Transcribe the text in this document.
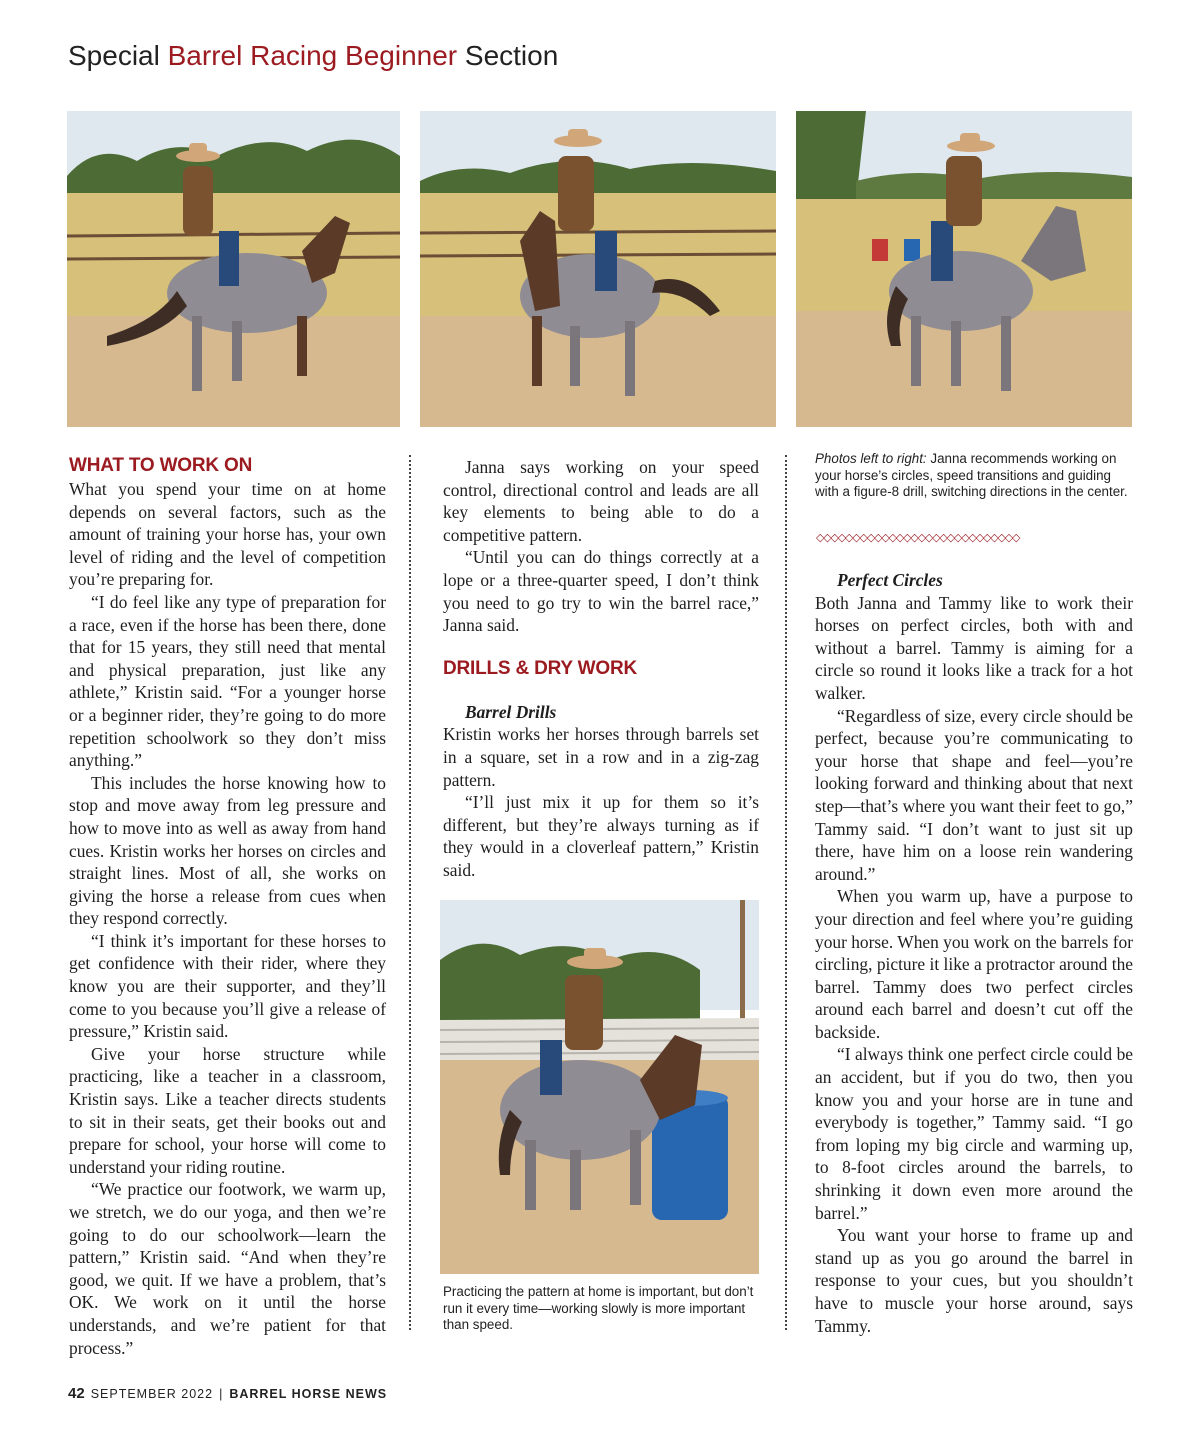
Special Barrel Racing Beginner Section
WHAT TO WORK ON

What you spend your time on at home depends on several factors, such as the amount of training your horse has, your own level of riding and the level of competition you’re preparing for.

“I do feel like any type of preparation for a race, even if the horse has been there, done that for 15 years, they still need that mental and physical preparation, just like any athlete,” Kristin said. “For a younger horse or a beginner rider, they’re going to do more repetition schoolwork so they don’t miss anything.”

This includes the horse knowing how to stop and move away from leg pressure and how to move into as well as away from hand cues. Kristin works her horses on circles and straight lines. Most of all, she works on giving the horse a release from cues when they respond correctly.

“I think it’s important for these horses to get confidence with their rider, where they know you are their supporter, and they’ll come to you because you’ll give a release of pressure,” Kristin said.

Give your horse structure while practicing, like a teacher in a classroom, Kristin says. Like a teacher directs students to sit in their seats, get their books out and prepare for school, your horse will come to understand your riding routine.

“We practice our footwork, we warm up, we stretch, we do our yoga, and then we’re going to do our schoolwork—learn the pattern,” Kristin said. “And when they’re good, we quit. If we have a problem, that’s OK. We work on it until the horse understands, and we’re patient for that process.”

Janna says working on your speed control, directional control and leads are all key elements to being able to do a competitive pattern.

“Until you can do things correctly at a lope or a three-quarter speed, I don’t think you need to go try to win the barrel race,” Janna said.

DRILLS & DRY WORK

Barrel Drills

Kristin works her horses through barrels set in a square, set in a row and in a zig-zag pattern.

“I’ll just mix it up for them so it’s different, but they’re always turning as if they would in a cloverleaf pattern,” Kristin said.

Practicing the pattern at home is important, but don’t run it every time—working slowly is more important than speed.
Photos left to right: Janna recommends working on your horse’s circles, speed transitions and guiding with a figure-8 drill, switching directions in the center.
◇◇◇◇◇◇◇◇◇◇◇◇◇◇◇◇◇◇◇◇◇◇◇◇◇◇◇◇

Perfect Circles

Both Janna and Tammy like to work their horses on perfect circles, both with and without a barrel. Tammy is aiming for a circle so round it looks like a track for a hot walker.

“Regardless of size, every circle should be perfect, because you’re communicating to your horse that shape and feel—you’re looking forward and thinking about that next step—that’s where you want their feet to go,” Tammy said. “I don’t want to just sit up there, have him on a loose rein wandering around.”

When you warm up, have a purpose to your direction and feel where you’re guiding your horse. When you work on the barrels for circling, picture it like a protractor around the barrel. Tammy does two perfect circles around each barrel and doesn’t cut off the backside.

“I always think one perfect circle could be an accident, but if you do two, then you know you and your horse are in tune and everybody is together,” Tammy said. “I go from loping my big circle and warming up, to 8-foot circles around the barrels, to shrinking it down even more around the barrel.”

You want your horse to frame up and stand up as you go around the barrel in response to your cues, but you shouldn’t have to muscle your horse around, says Tammy.

42 SEPTEMBER 2022 | BARREL HORSE NEWS
